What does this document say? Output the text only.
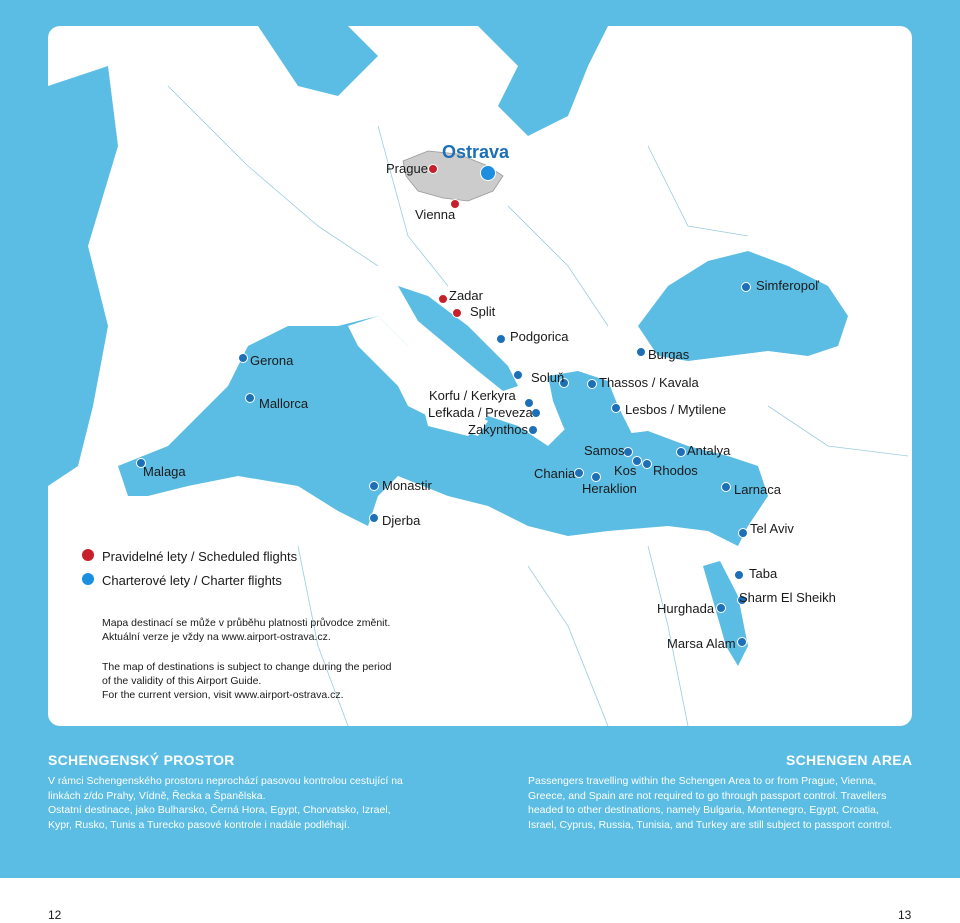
Prague
Ostrava
Vienna
Zadar
Split
Podgorica
Simferopoľ
Gerona
Mallorca
Malaga
Monastir
Djerba
Korfu / Kerkyra
Lefkada / Preveza
Zakynthos
Soluň	Thassos / Kavala
Burgas
Lesbos / Mytilene
Samos	Antalya
Kos Rhodos
Chania
Heraklion	Larnaca
Tel Aviv
Taba
Sharm El Sheikh
Hurghada
Marsa Alam
Pravidelné lety / Scheduled flights
Charterové lety / Charter flights
Mapa destinací se může v průběhu platnosti průvodce změnit.
Aktuální verze je vždy na www.airport-ostrava.cz.
The map of destinations is subject to change during the period
of the validity of this Airport Guide.
For the current version, visit www.airport-ostrava.cz.
SCHENGENSKÝ PROSTOR
V rámci Schengenského prostoru neprochází pasovou kontrolou cestující na
linkách z/do Prahy, Vídně, Řecka a Španělska.
Ostatní destinace, jako Bulharsko, Černá Hora, Egypt, Chorvatsko, Izrael,
Kypr, Rusko, Tunis a Turecko pasové kontrole i nadále podléhají.
SCHENGEN AREA
Passengers travelling within the Schengen Area to or from Prague, Vienna,
Greece, and Spain are not required to go through passport control. Travellers
headed to other destinations, namely Bulgaria, Montenegro, Egypt, Croatia,
Israel, Cyprus, Russia, Tunisia, and Turkey are still subject to passport control.
12	13
